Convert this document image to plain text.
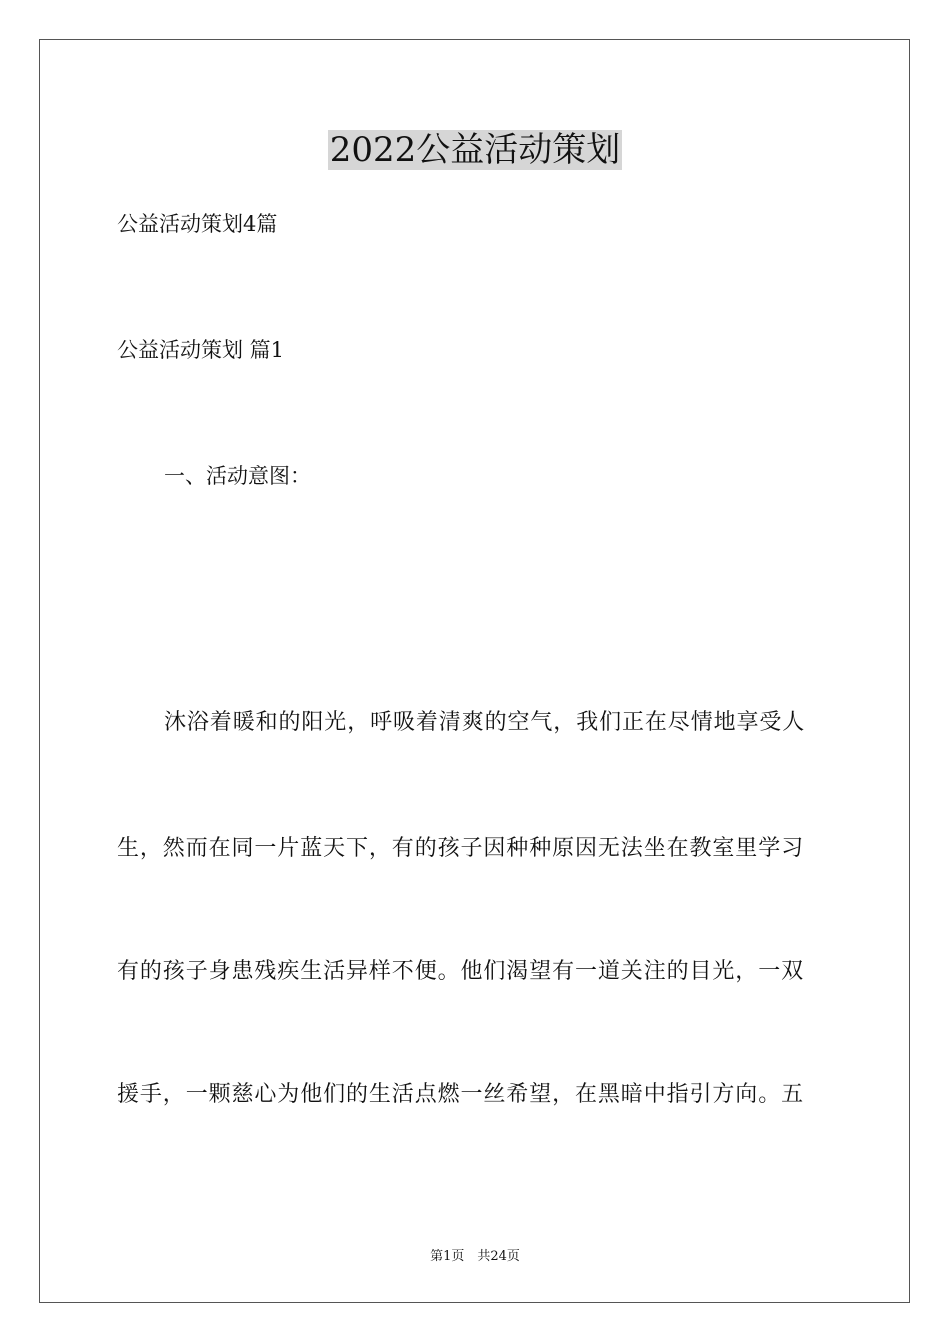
2022公益活动策划
公益活动策划4篇
公益活动策划 篇1
一、活动意图：
沐浴着暖和的阳光，呼吸着清爽的空气，我们正在尽情地享受人
生，然而在同一片蓝天下，有的孩子因种种原因无法坐在教室里学习
有的孩子身患残疾生活异样不便。他们渴望有一道关注的目光，一双
援手，一颗慈心为他们的生活点燃一丝希望，在黑暗中指引方向。五
第1页　共24页
